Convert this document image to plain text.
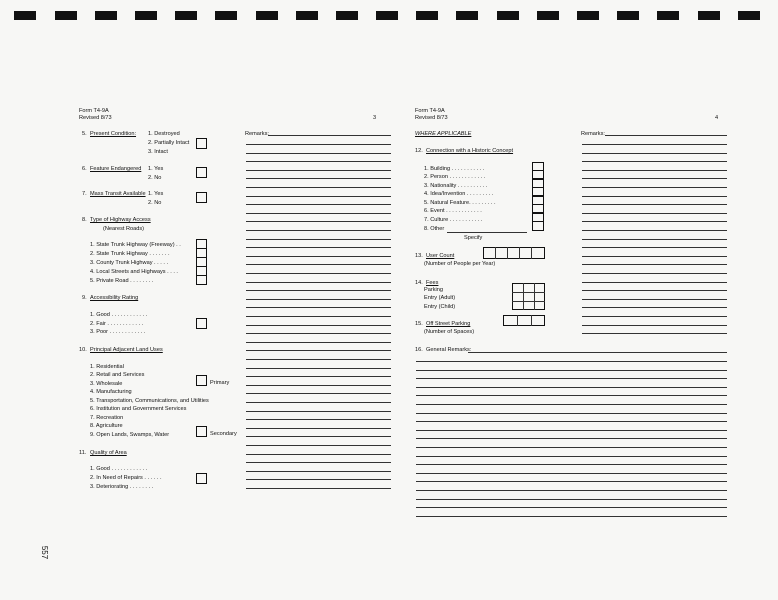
557
Form T4-9A
Revised 8/73	3
5. Present Condition: 1. Destroyed
2. Partially Intact
3. Intact
6. Feature Endangered 1. Yes
2. No
7. Mass Transit Available 1. Yes
2. No
8. Type of Highway Access
(Nearest Roads)
1. State Trunk Highway (Freeway) . .
2. State Trunk Highway . . . . . . .
3. County Trunk Highway . . . . .
4. Local Streets and Highways . . . .
5. Private Road . . . . . . . .
9. Accessibility Rating
1. Good . . . . . . . . . . . .
2. Fair . . . . . . . . . . . .
3. Poor . . . . . . . . . . . .
10. Principal Adjacent Land Uses
1. Residential
2. Retail and Services
3. Wholesale
4. Manufacturing
5. Transportation, Communications, and Utilities
6. Institution and Government Services
7. Recreation
8. Agriculture
9. Open Lands, Swamps, Water
Primary
Secondary
11. Quality of Area
1. Good . . . . . . . . . . . .
2. In Need of Repairs . . . . . .
3. Deteriorating . . . . . . . .
Remarks:
Form T4-9A
Revised 8/73	4
WHERE APPLICABLE
12. Connection with a Historic Concept
1. Building . . . . . . . . . . .
2. Person . . . . . . . . . . . .
3. Nationality . . . . . . . . . .
4. Idea/Invention . . . . . . . . .
5. Natural Feature. . . . . . . . .
6. Event . . . . . . . . . . . .
7. Culture . . . . . . . . . . .
8. Other
Specify
13. User Count
(Number of People per Year)
14. Fees
Parking
Entry (Adult)
Entry (Child)
15. Off Street Parking
(Number of Spaces)
Remarks:
16. General Remarks:
